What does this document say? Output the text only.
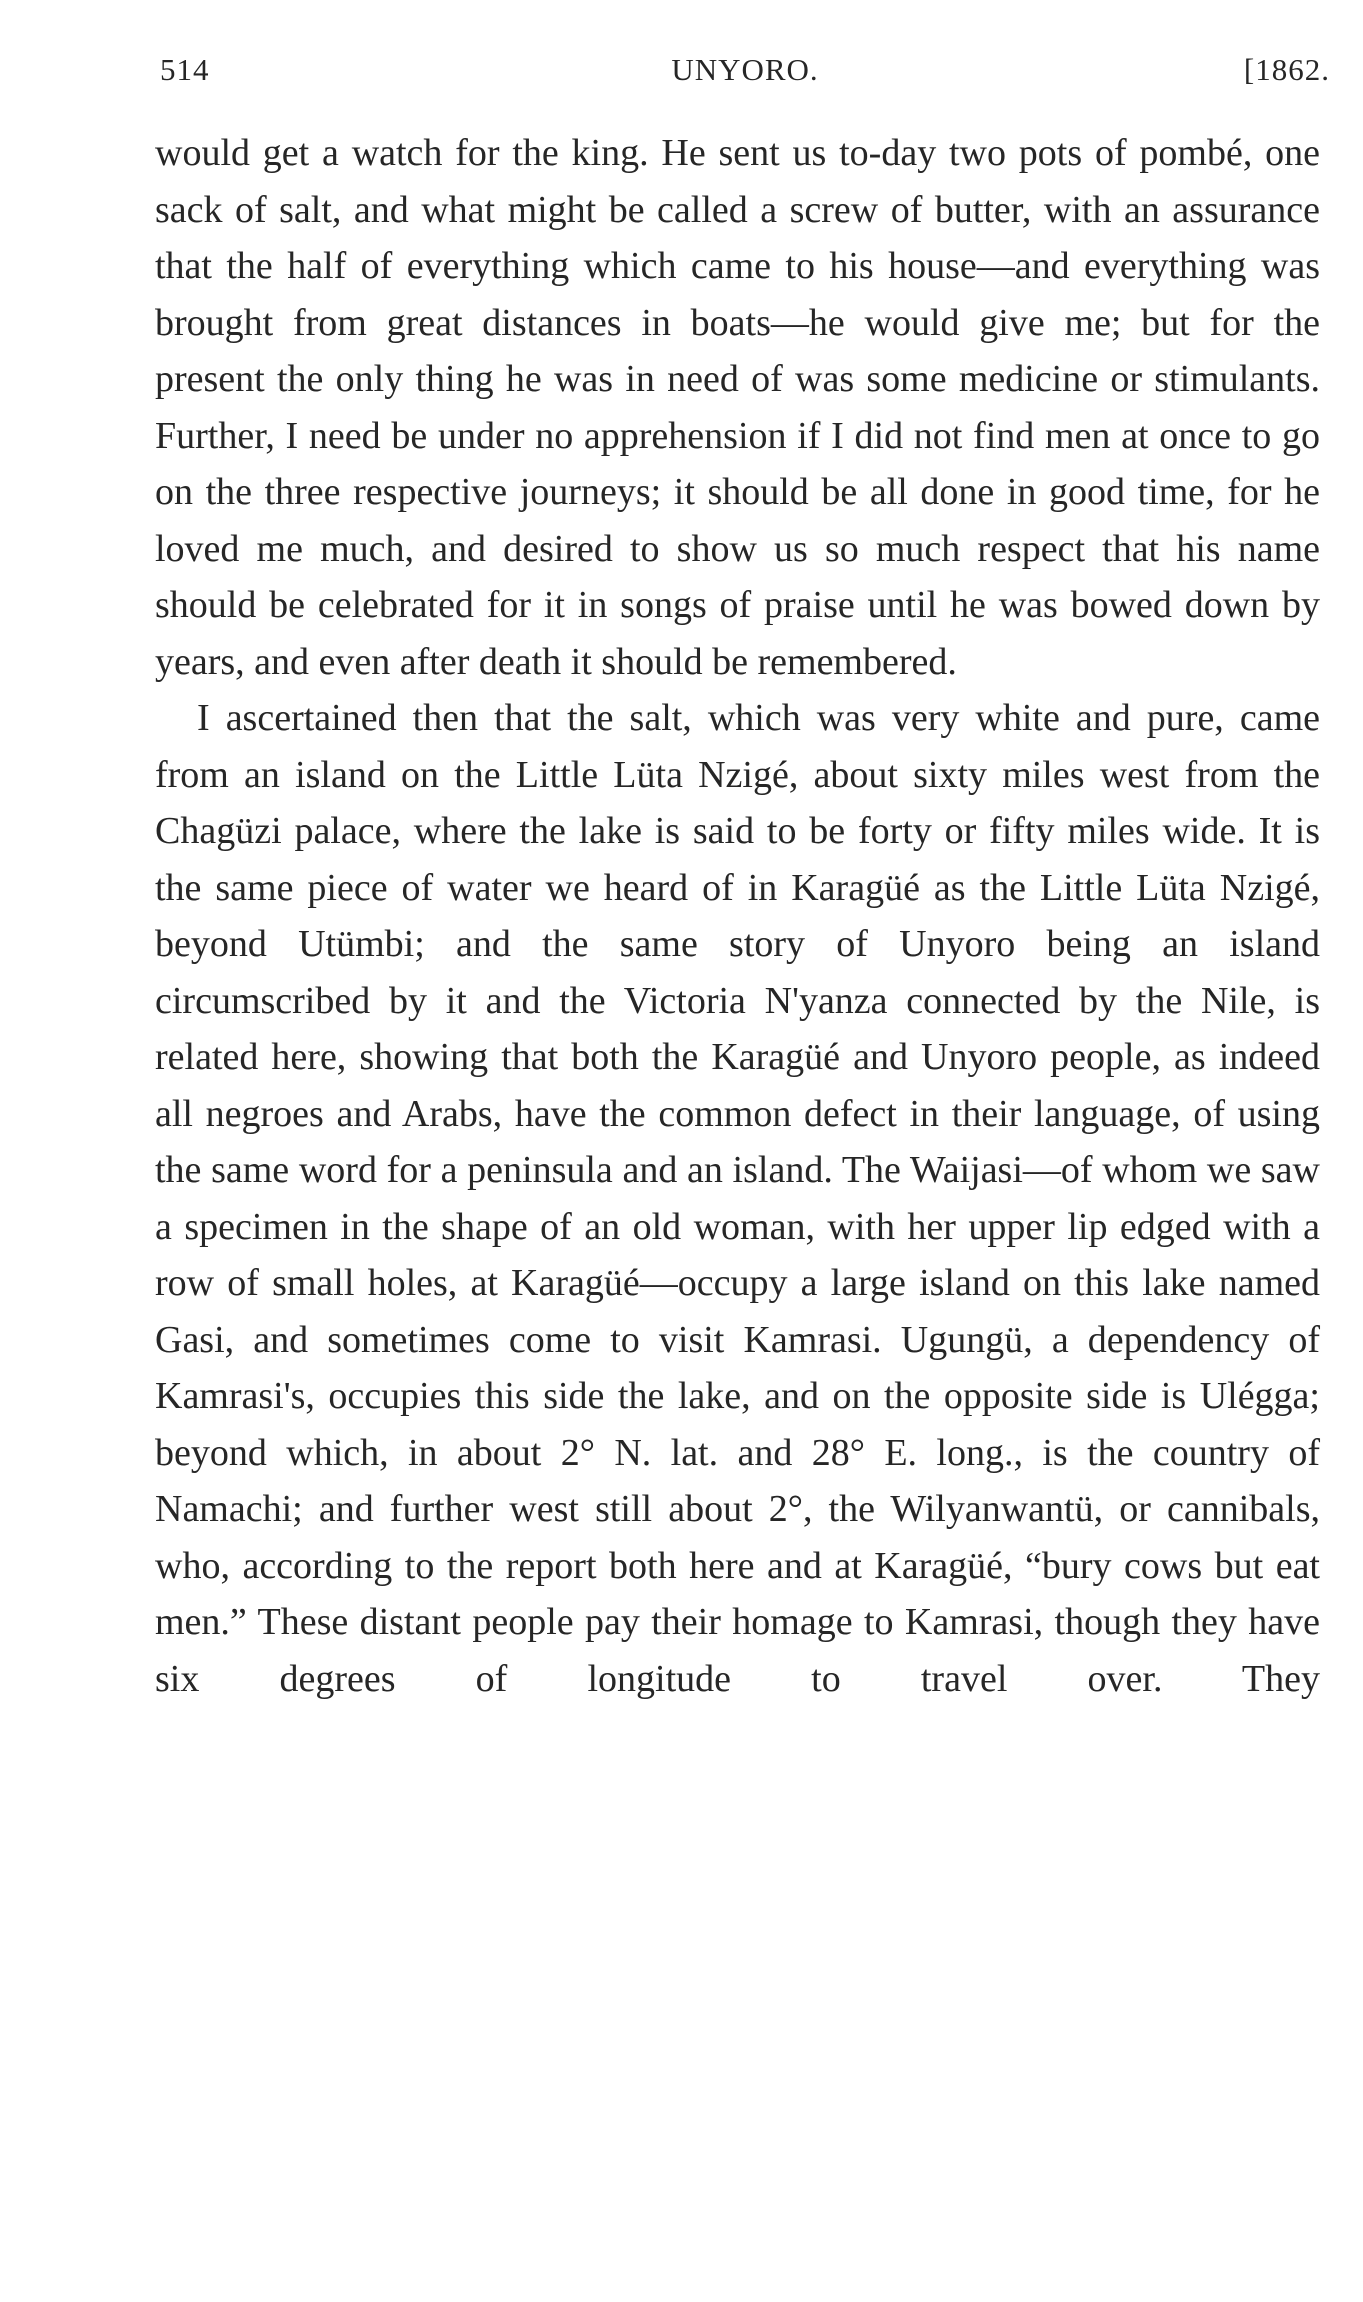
514	UNYORO.	[1862.

would get a watch for the king. He sent us to-day two pots of pombé, one sack of salt, and what might be called a screw of butter, with an assurance that the half of everything which came to his house—and everything was brought from great distances in boats—he would give me; but for the present the only thing he was in need of was some medicine or stimulants. Further, I need be under no apprehension if I did not find men at once to go on the three respective journeys; it should be all done in good time, for he loved me much, and desired to show us so much respect that his name should be celebrated for it in songs of praise until he was bowed down by years, and even after death it should be remembered.

I ascertained then that the salt, which was very white and pure, came from an island on the Little Lüta Nzigé, about sixty miles west from the Chagüzi palace, where the lake is said to be forty or fifty miles wide. It is the same piece of water we heard of in Karagüé as the Little Lüta Nzigé, beyond Utümbi; and the same story of Unyoro being an island circumscribed by it and the Victoria N'yanza connected by the Nile, is related here, showing that both the Karagüé and Unyoro people, as indeed all negroes and Arabs, have the common defect in their language, of using the same word for a peninsula and an island. The Waijasi—of whom we saw a specimen in the shape of an old woman, with her upper lip edged with a row of small holes, at Karagüé—occupy a large island on this lake named Gasi, and sometimes come to visit Kamrasi. Ugungü, a dependency of Kamrasi's, occupies this side the lake, and on the opposite side is Ulégga; beyond which, in about 2° N. lat. and 28° E. long., is the country of Namachi; and further west still about 2°, the Wilyanwantü, or cannibals, who, according to the report both here and at Karagüé, “bury cows but eat men.” These distant people pay their homage to Kamrasi, though they have six degrees of longitude to travel over. They
